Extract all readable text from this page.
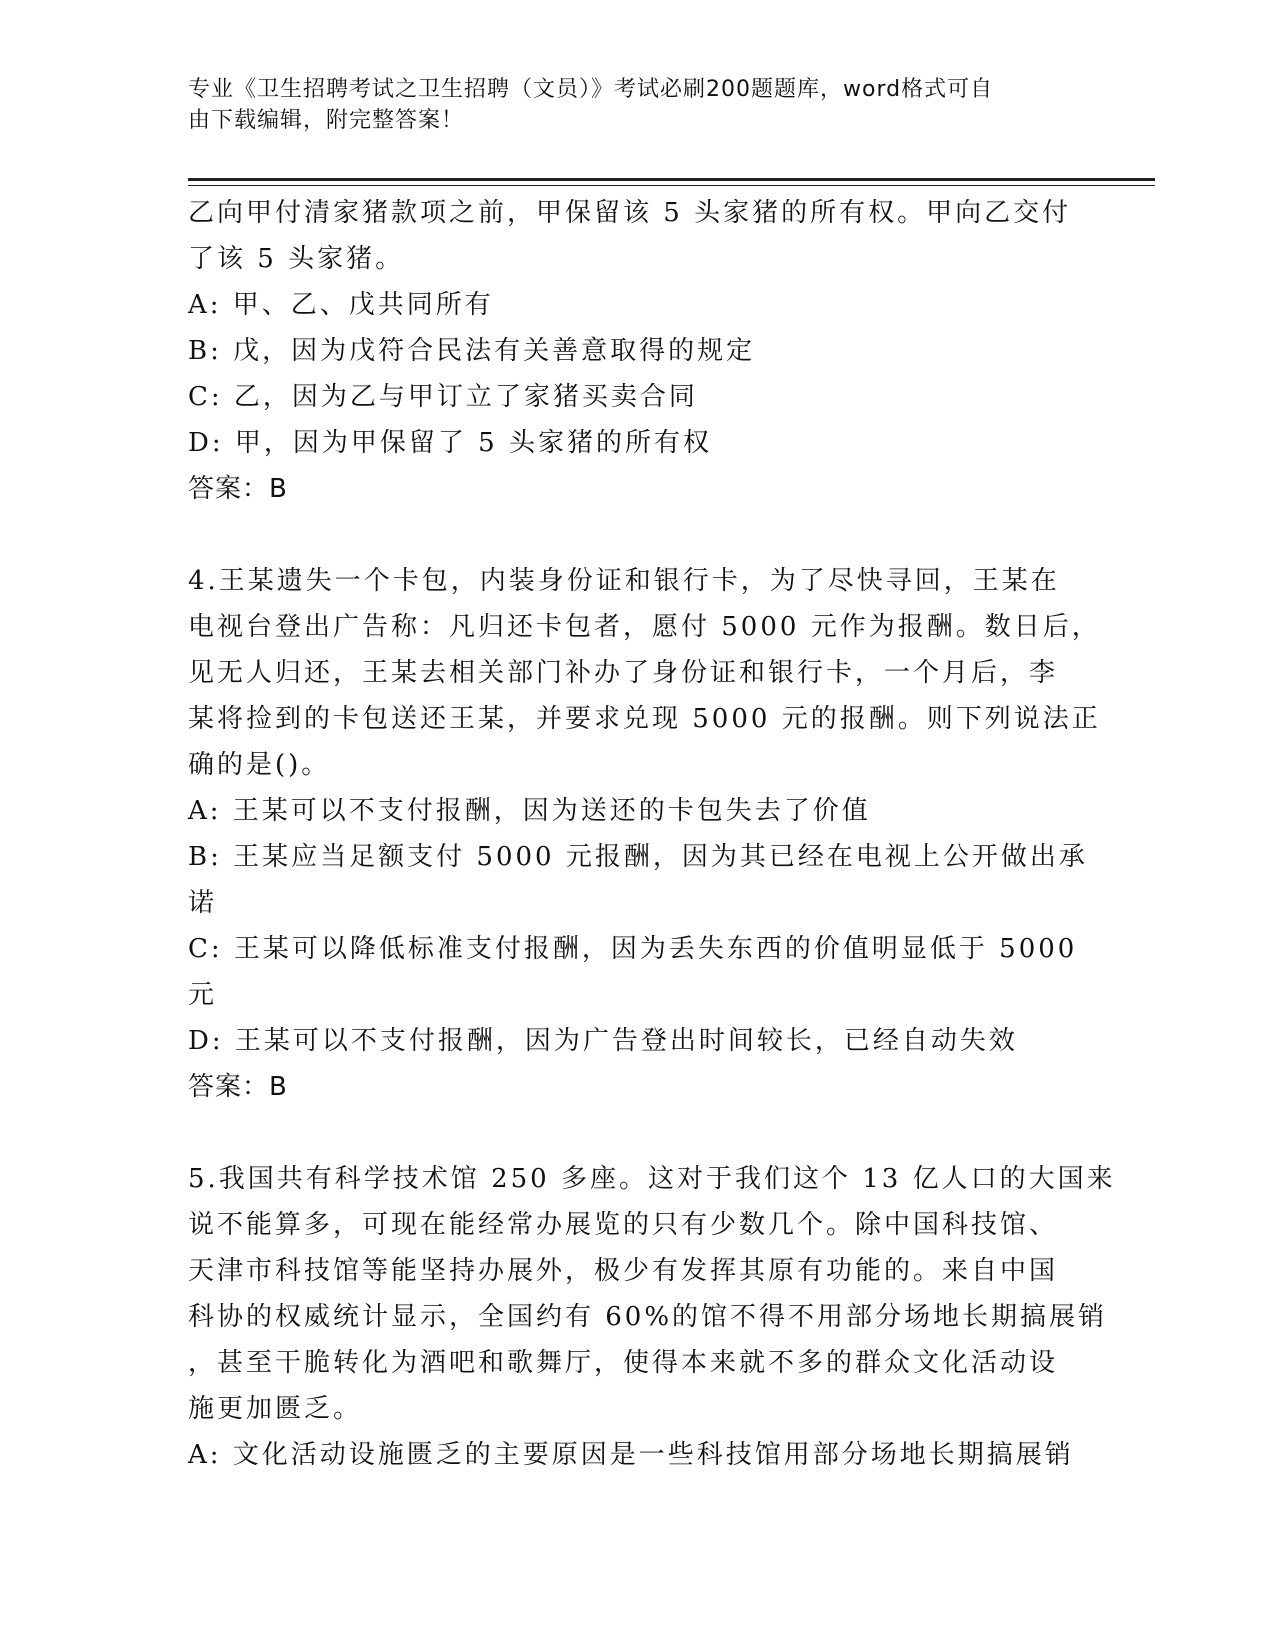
专业《卫生招聘考试之卫生招聘（文员）》考试必刷200题题库，word格式可自
由下载编辑，附完整答案！
乙向甲付清家猪款项之前，甲保留该 5 头家猪的所有权。甲向乙交付
了该 5 头家猪。
A: 甲、乙、戊共同所有
B: 戊，因为戊符合民法有关善意取得的规定
C: 乙，因为乙与甲订立了家猪买卖合同
D: 甲，因为甲保留了 5 头家猪的所有权
答案：B
4.王某遗失一个卡包，内装身份证和银行卡，为了尽快寻回，王某在
电视台登出广告称：凡归还卡包者，愿付 5000 元作为报酬。数日后，
见无人归还，王某去相关部门补办了身份证和银行卡，一个月后，李
某将捡到的卡包送还王某，并要求兑现 5000 元的报酬。则下列说法正
确的是()。
A: 王某可以不支付报酬，因为送还的卡包失去了价值
B: 王某应当足额支付 5000 元报酬，因为其已经在电视上公开做出承
诺
C: 王某可以降低标准支付报酬，因为丢失东西的价值明显低于 5000
元
D: 王某可以不支付报酬，因为广告登出时间较长，已经自动失效
答案：B
5.我国共有科学技术馆 250 多座。这对于我们这个 13 亿人口的大国来
说不能算多，可现在能经常办展览的只有少数几个。除中国科技馆、
天津市科技馆等能坚持办展外，极少有发挥其原有功能的。来自中国
科协的权威统计显示，全国约有 60%的馆不得不用部分场地长期搞展销
，甚至干脆转化为酒吧和歌舞厅，使得本来就不多的群众文化活动设
施更加匮乏。
A: 文化活动设施匮乏的主要原因是一些科技馆用部分场地长期搞展销
